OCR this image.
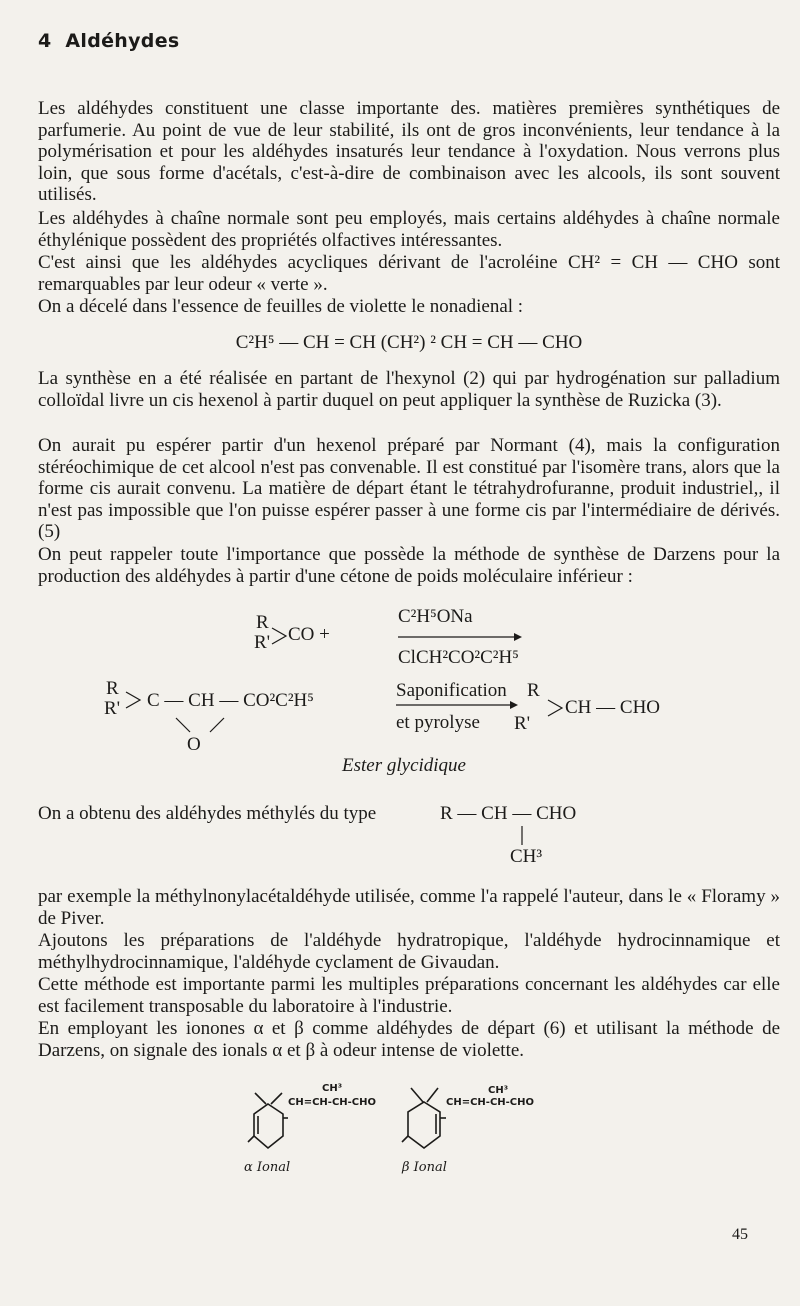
4 Aldéhydes

Les aldéhydes constituent une classe importante des. matières premières synthétiques de parfumerie. Au point de vue de leur stabilité, ils ont de gros inconvénients, leur tendance à la polymérisation et pour les aldéhydes insaturés leur tendance à l'oxydation. Nous verrons plus loin, que sous forme d'acétals, c'est-à-dire de combinaison avec les alcools, ils sont souvent utilisés.

Les aldéhydes à chaîne normale sont peu employés, mais certains aldéhydes à chaîne normale éthylénique possèdent des propriétés olfactives intéressantes.

C'est ainsi que les aldéhydes acycliques dérivant de l'acroléine CH² = CH — CHO sont remarquables par leur odeur « verte ».

On a décelé dans l'essence de feuilles de violette le nonadienal :

C²H⁵ — CH = CH (CH²) ² CH = CH — CHO

La synthèse en a été réalisée en partant de l'hexynol (2) qui par hydrogénation sur palladium colloïdal livre un cis hexenol à partir duquel on peut appliquer la synthèse de Ruzicka (3).

On aurait pu espérer partir d'un hexenol préparé par Normant (4), mais la configuration stéréochimique de cet alcool n'est pas convenable. Il est constitué par l'isomère trans, alors que la forme cis aurait convenu. La matière de départ étant le tétrahydrofuranne, produit industriel,, il n'est pas impossible que l'on puisse espérer passer à une forme cis par l'intermédiaire de dérivés. (5)

On peut rappeler toute l'importance que possède la méthode de synthèse de Darzens pour la production des aldéhydes à partir d'une cétone de poids moléculaire inférieur :

R
R' CO +
C²H⁵ONa
ClCH²CO²C²H⁵
R
R' C — CH — CO²C²H⁵
O
Saponification
et pyrolyse
R
R'
CH — CHO
Ester glycidique
On a obtenu des aldéhydes méthylés du type	R — CH — CHO
CH³

par exemple la méthylnonylacétaldéhyde utilisée, comme l'a rappelé l'auteur, dans le « Floramy » de Piver.

Ajoutons les préparations de l'aldéhyde hydratropique, l'aldéhyde hydrocinnamique et méthylhydrocinnamique, l'aldéhyde cyclament de Givaudan.

Cette méthode est importante parmi les multiples préparations concernant les aldéhydes car elle est facilement transposable du laboratoire à l'industrie.

En employant les ionones α et β comme aldéhydes de départ (6) et utilisant la méthode de Darzens, on signale des ionals α et β à odeur intense de violette.

CH³
CH=CH-CH-CHO
α Ional
CH³
CH=CH-CH-CHO
β Ional
45
